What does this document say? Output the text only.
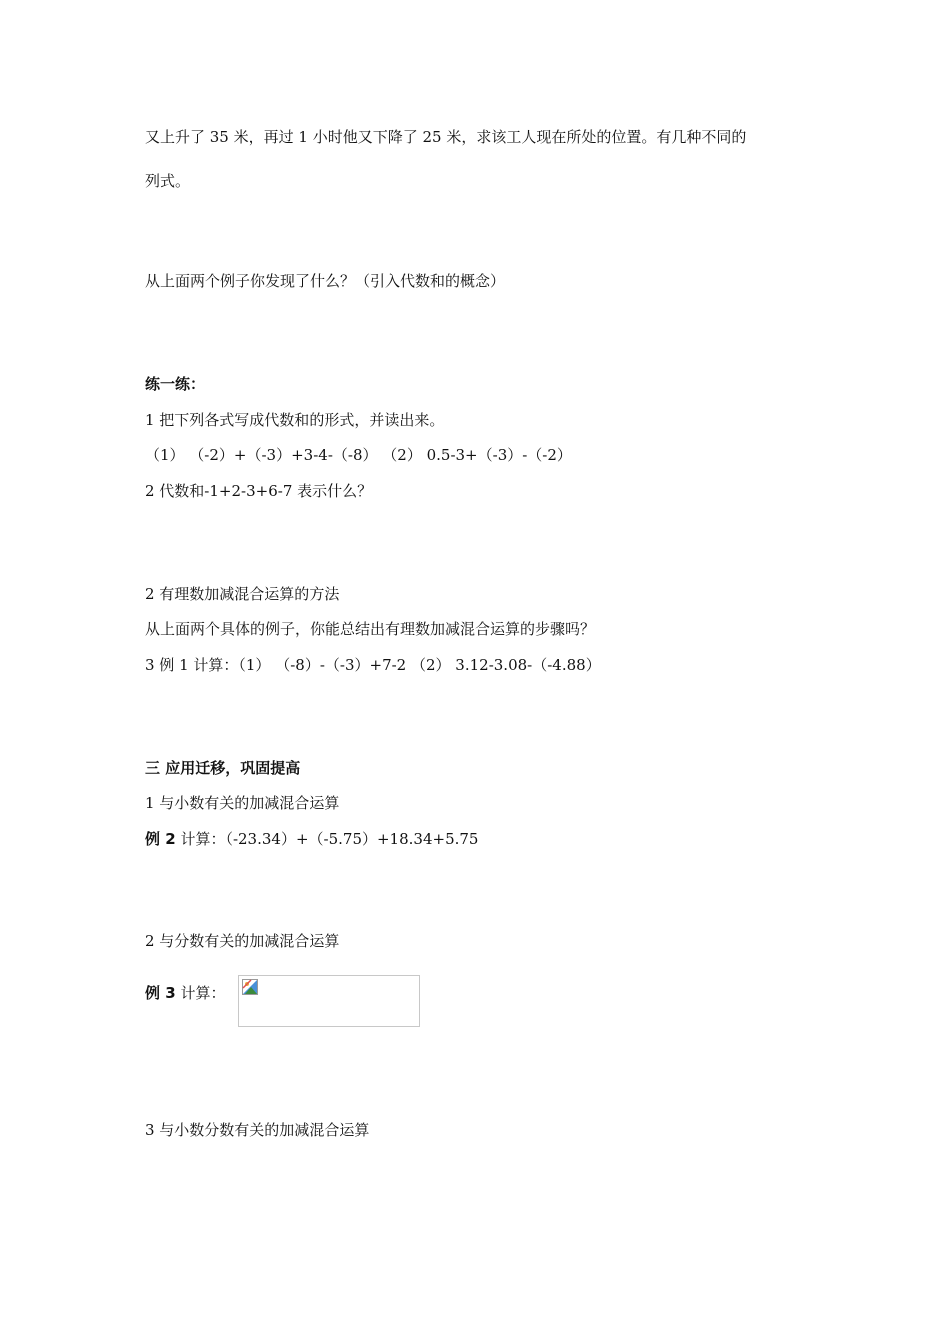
又上升了 35 米，再过 1 小时他又下降了 25 米，求该工人现在所处的位置。有几种不同的

列式。

从上面两个例子你发现了什么？（引入代数和的概念）

练一练：

1 把下列各式写成代数和的形式，并读出来。

（1） （-2）+（-3）+3-4-（-8） （2） 0.5-3+（-3）-（-2）

2 代数和-1+2-3+6-7 表示什么？

2 有理数加减混合运算的方法

从上面两个具体的例子，你能总结出有理数加减混合运算的步骤吗？

3 例 1 计算：（1） （-8）-（-3）+7-2 （2） 3.12-3.08-（-4.88）

三 应用迁移，巩固提高

1 与小数有关的加减混合运算

例 2 计算：（-23.34）+（-5.75）+18.34+5.75

2 与分数有关的加减混合运算

例 3 计算：

3 与小数分数有关的加减混合运算
